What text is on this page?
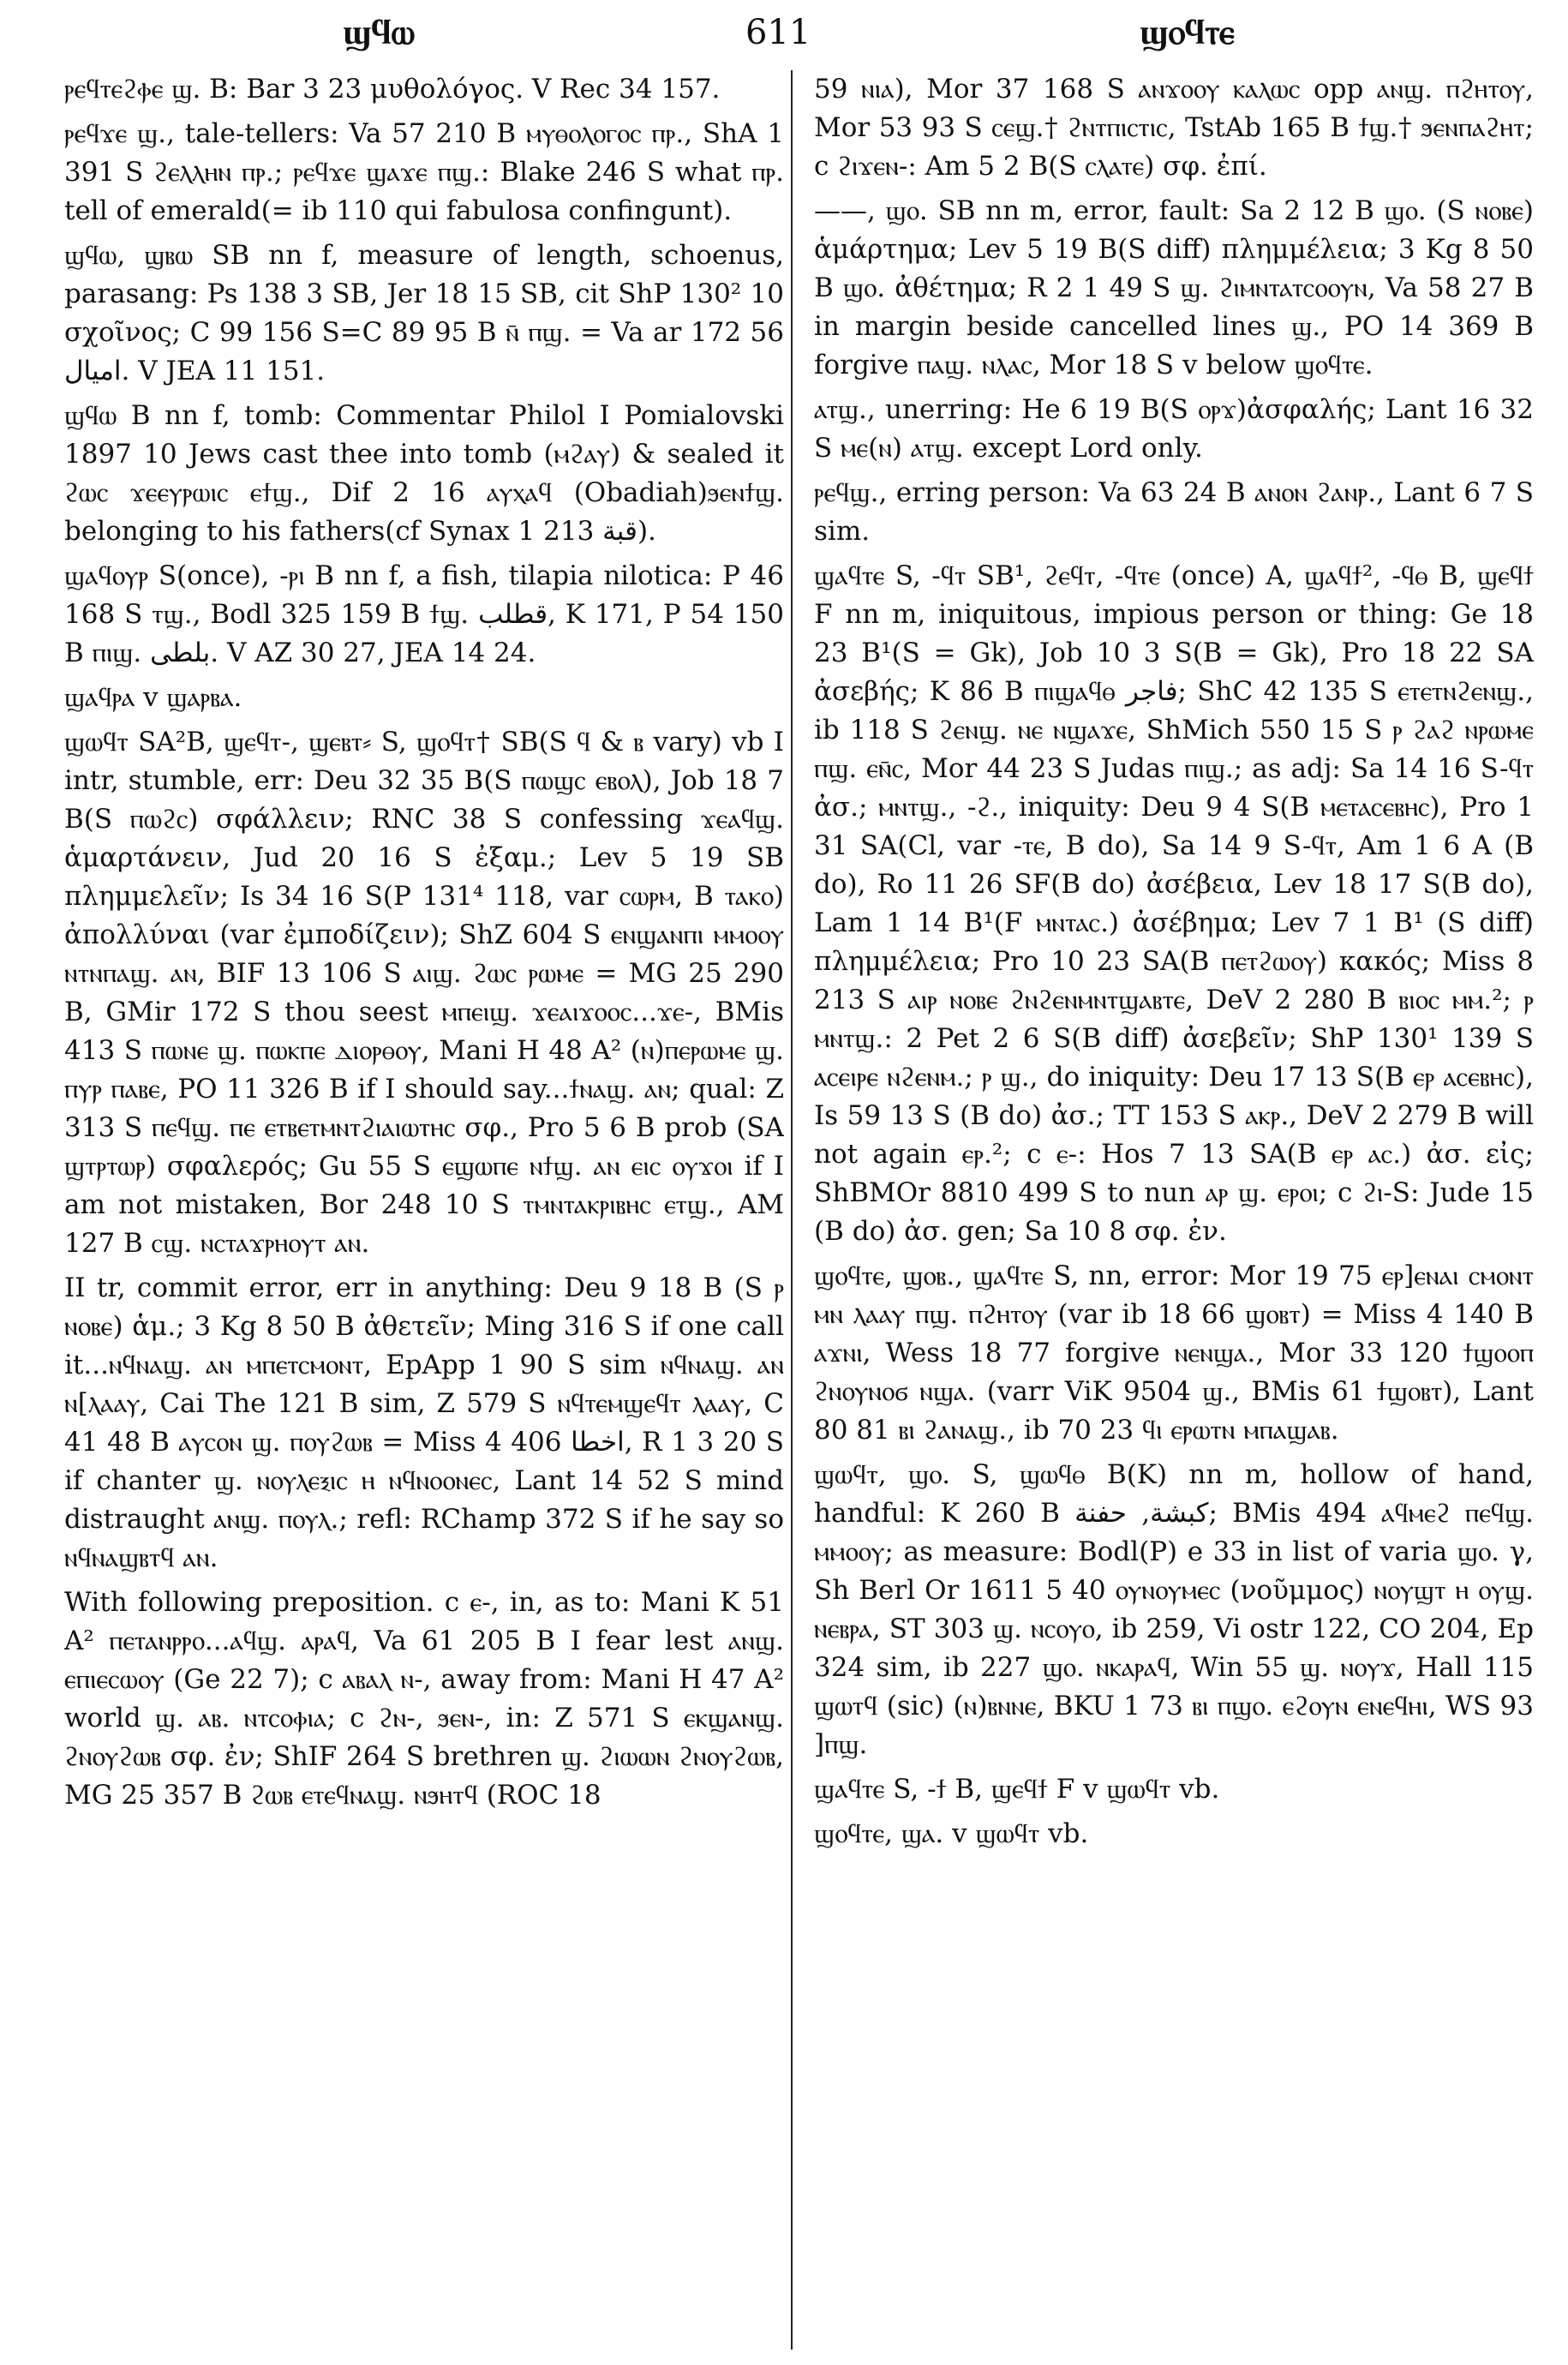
ϣϥⲱ	611	ϣⲟϥⲧⲉ

ⲣⲉϥⲧⲉϩⲫⲉ ϣ. B: Bar 3 23 μυθολόγος. V Rec 34 157.

ⲣⲉϥϫⲉ ϣ., tale-tellers: Va 57 210 B ⲙⲩⲑⲟⲗⲟⲅⲟⲥ ⲡⲣ., ShA 1 391 S ϩⲉⲗⲗⲏⲛ ⲡⲣ.; ⲣⲉϥϫⲉ ϣⲁϫⲉ ⲡϣ.: Blake 246 S what ⲡⲣ. tell of emerald(= ib 110 qui fabulosa confingunt).

ϣϥⲱ, ϣⲃⲱ SB nn f, measure of length, schoenus, parasang: Ps 138 3 SB, Jer 18 15 SB, cit ShP 130² 10 σχοῖνος; C 99 156 S=C 89 95 B ⲛ̄ ⲡϣ. = Va ar 172 56 اميال. V JEA 11 151.

ϣϥⲱ B nn f, tomb: Commentar Philol I Pomialovski 1897 10 Jews cast thee into tomb (ⲙϩⲁⲩ) & sealed it ϩⲱⲥ ϫⲉⲉⲩⲣⲱⲓⲥ ⲉϯϣ., Dif 2 16 ⲁⲩⲭⲁϥ (Obadiah)ϧⲉⲛϯϣ. belonging to his fathers(cf Synax 1 213 قبة).

ϣⲁϥⲟⲩⲣ S(once), -ⲣⲓ B nn f, a fish, tilapia nilotica: P 46 168 S ⲧϣ., Bodl 325 159 B ϯϣ. قطلب, K 171, P 54 150 B ⲡⲓϣ. بلطى. V AZ 30 27, JEA 14 24.

ϣⲁϥⲣⲁ v ϣⲁⲣⲃⲁ.

ϣⲱϥⲧ SA²B, ϣⲉϥⲧ-, ϣⲉⲃⲧ⸗ S, ϣⲟϥⲧ† SB(S ϥ & ⲃ vary) vb I intr, stumble, err: Deu 32 35 B(S ⲡⲱϣⲥ ⲉⲃⲟⲗ), Job 18 7 B(S ⲡⲱϩⲥ) σφάλλειν; RNC 38 S confessing ϫⲉⲁϥϣ. ἁμαρτάνειν, Jud 20 16 S ἐξαμ.; Lev 5 19 SB πλημμελεῖν; Is 34 16 S(P 131⁴ 118, var ⲥⲱⲣⲙ, B ⲧⲁⲕⲟ) ἀπολλύναι (var ἐμποδίζειν); ShZ 604 S ⲉⲛϣⲁⲛⲡⲓ ⲙⲙⲟⲟⲩ ⲛⲧⲛⲡⲁϣ. ⲁⲛ, BIF 13 106 S ⲁⲓϣ. ϩⲱⲥ ⲣⲱⲙⲉ = MG 25 290 B, GMir 172 S thou seest ⲙⲡⲉⲓϣ. ϫⲉⲁⲓϫⲟⲟⲥ...ϫⲉ-, BMis 413 S ⲡⲱⲛⲉ ϣ. ⲡⲱⲕⲡⲉ ⲇⲓⲟⲣⲑⲟⲩ, Mani H 48 A² (ⲛ)ⲡⲉⲣⲱⲙⲉ ϣ. ⲡⲩⲣ ⲡⲁⲃⲉ, PO 11 326 B if I should say...ϯⲛⲁϣ. ⲁⲛ; qual: Z 313 S ⲡⲉϥϣ. ⲡⲉ ⲉⲧⲃⲉⲧⲙⲛⲧϩⲓⲁⲓⲱⲧⲏⲥ σφ., Pro 5 6 B prob (SA ϣⲧⲣⲧⲱⲣ) σφαλερός; Gu 55 S ⲉϣⲱⲡⲉ ⲛϯϣ. ⲁⲛ ⲉⲓⲥ ⲟⲩϫⲟⲓ if I am not mistaken, Bor 248 10 S ⲧⲙⲛⲧⲁⲕⲣⲓⲃⲏⲥ ⲉⲧϣ., AM 127 B ⲥϣ. ⲛⲥⲧⲁϫⲣⲏⲟⲩⲧ ⲁⲛ.

II tr, commit error, err in anything: Deu 9 18 B (S ⲣ ⲛⲟⲃⲉ) ἁμ.; 3 Kg 8 50 B ἀθετεῖν; Ming 316 S if one call it...ⲛϥⲛⲁϣ. ⲁⲛ ⲙⲡⲉⲧⲥⲙⲟⲛⲧ, EpApp 1 90 S sim ⲛϥⲛⲁϣ. ⲁⲛ ⲛ[ⲗⲁⲁⲩ, Cai The 121 B sim, Z 579 S ⲛϥⲧⲉⲙϣⲉϥⲧ ⲗⲁⲁⲩ, C 41 48 B ⲁⲩⲥⲟⲛ ϣ. ⲡⲟⲩϩⲱⲃ = Miss 4 406 اخطا, R 1 3 20 S if chanter ϣ. ⲛⲟⲩⲗⲉⲝⲓⲥ ⲏ ⲛϥⲛⲟⲟⲛⲉⲥ, Lant 14 52 S mind distraught ⲁⲛϣ. ⲡⲟⲩⲗ.; refl: RChamp 372 S if he say so ⲛϥⲛⲁϣⲃⲧϥ ⲁⲛ.

With following preposition. c ⲉ-, in, as to: Mani K 51 A² ⲡⲉⲧⲁⲛⲣⲣⲟ...ⲁϥϣ. ⲁⲣⲁϥ, Va 61 205 B I fear lest ⲁⲛϣ. ⲉⲡⲓⲉⲥⲱⲟⲩ (Ge 22 7); c ⲁⲃⲁⲗ ⲛ-, away from: Mani H 47 A² world ϣ. ⲁⲃ. ⲛⲧⲥⲟⲫⲓⲁ; c ϩⲛ-, ϧⲉⲛ-, in: Z 571 S ⲉⲕϣⲁⲛϣ. ϩⲛⲟⲩϩⲱⲃ σφ. ἐν; ShIF 264 S brethren ϣ. ϩⲓⲱⲱⲛ ϩⲛⲟⲩϩⲱⲃ, MG 25 357 B ϩⲱⲃ ⲉⲧⲉϥⲛⲁϣ. ⲛϧⲏⲧϥ (ROC 18

59 ⲛⲓⲁ), Mor 37 168 S ⲁⲛϫⲟⲟⲩ ⲕⲁⲗⲱⲥ opp ⲁⲛϣ. ⲡϩⲏⲧⲟⲩ, Mor 53 93 S ⲥⲉϣ.† ϩⲛⲧⲡⲓⲥⲧⲓⲥ, TstAb 165 B ϯϣ.† ϧⲉⲛⲡⲁϩⲏⲧ; c ϩⲓϫⲉⲛ-: Am 5 2 B(S ⲥⲗⲁⲧⲉ) σφ. ἐπί.

——, ϣⲟ. SB nn m, error, fault: Sa 2 12 B ϣⲟ. (S ⲛⲟⲃⲉ) ἁμάρτημα; Lev 5 19 B(S diff) πλημμέλεια; 3 Kg 8 50 B ϣⲟ. ἀθέτημα; R 2 1 49 S ϣ. ϩⲓⲙⲛⲧⲁⲧⲥⲟⲟⲩⲛ, Va 58 27 B in margin beside cancelled lines ϣ., PO 14 369 B forgive ⲡⲁϣ. ⲛⲗⲁⲥ, Mor 18 S v below ϣⲟϥⲧⲉ.

ⲁⲧϣ., unerring: He 6 19 B(S ⲟⲣϫ)ἀσφαλής; Lant 16 32 S ⲙⲉ(ⲛ) ⲁⲧϣ. except Lord only.

ⲣⲉϥϣ., erring person: Va 63 24 B ⲁⲛⲟⲛ ϩⲁⲛⲣ., Lant 6 7 S sim.

ϣⲁϥⲧⲉ S, -ϥⲧ SB¹, ϩⲉϥⲧ, -ϥⲧⲉ (once) A, ϣⲁϥϯ², -ϥⲑ B, ϣⲉϥϯ F nn m, iniquitous, impious person or thing: Ge 18 23 B¹(S = Gk), Job 10 3 S(B = Gk), Pro 18 22 SA ἀσεβής; K 86 B ⲡⲓϣⲁϥⲑ فاجر; ShC 42 135 S ⲉⲧⲉⲧⲛϩⲉⲛϣ., ib 118 S ϩⲉⲛϣ. ⲛⲉ ⲛϣⲁϫⲉ, ShMich 550 15 S ⲣ ϩⲁϩ ⲛⲣⲱⲙⲉ ⲡϣ. ⲉⲛ̄ⲥ, Mor 44 23 S Judas ⲡⲓϣ.; as adj: Sa 14 16 S-ϥⲧ ἀσ.; ⲙⲛⲧϣ., -ϩ., iniquity: Deu 9 4 S(B ⲙⲉⲧⲁⲥⲉⲃⲏⲥ), Pro 1 31 SA(Cl, var -ⲧⲉ, B do), Sa 14 9 S-ϥⲧ, Am 1 6 A (B do), Ro 11 26 SF(B do) ἀσέβεια, Lev 18 17 S(B do), Lam 1 14 B¹(F ⲙⲛⲧⲁⲥ.) ἀσέβημα; Lev 7 1 B¹ (S diff) πλημμέλεια; Pro 10 23 SA(B ⲡⲉⲧϩⲱⲟⲩ) κακός; Miss 8 213 S ⲁⲓⲣ ⲛⲟⲃⲉ ϩⲛϩⲉⲛⲙⲛⲧϣⲁⲃⲧⲉ, DeV 2 280 B ⲃⲓⲟⲥ ⲙⲙ.²; ⲣ ⲙⲛⲧϣ.: 2 Pet 2 6 S(B diff) ἀσεβεῖν; ShP 130¹ 139 S ⲁⲥⲉⲓⲣⲉ ⲛϩⲉⲛⲙ.; ⲣ ϣ., do iniquity: Deu 17 13 S(B ⲉⲣ ⲁⲥⲉⲃⲏⲥ), Is 59 13 S (B do) ἀσ.; TT 153 S ⲁⲕⲣ., DeV 2 279 B will not again ⲉⲣ.²; c ⲉ-: Hos 7 13 SA(B ⲉⲣ ⲁⲥ.) ἀσ. εἰς; ShBMOr 8810 499 S to nun ⲁⲣ ϣ. ⲉⲣⲟⲓ; c ϩⲓ-S: Jude 15 (B do) ἀσ. gen; Sa 10 8 σφ. ἐν.

ϣⲟϥⲧⲉ, ϣⲟⲃ., ϣⲁϥⲧⲉ S, nn, error: Mor 19 75 ⲉⲣ]ⲉⲛⲁⲓ ⲥⲙⲟⲛⲧ ⲙⲛ ⲗⲁⲁⲩ ⲡϣ. ⲡϩⲏⲧⲟⲩ (var ib 18 66 ϣⲟⲃⲧ) = Miss 4 140 B ⲁϫⲛⲓ, Wess 18 77 forgive ⲛⲉⲛϣⲁ., Mor 33 120 ϯϣⲟⲟⲡ ϩⲛⲟⲩⲛⲟϭ ⲛϣⲁ. (varr ViK 9504 ϣ., BMis 61 ϯϣⲟⲃⲧ), Lant 80 81 ⲃⲓ ϩⲁⲛⲁϣ., ib 70 23 ϥⲓ ⲉⲣⲱⲧⲛ ⲙⲡⲁϣⲁⲃ.

ϣⲱϥⲧ, ϣⲟ. S, ϣⲱϥⲑ B(K) nn m, hollow of hand, handful: K 260 B كبشة, حفنة; BMis 494 ⲁϥⲙⲉϩ ⲡⲉϥϣ. ⲙⲙⲟⲟⲩ; as measure: Bodl(P) e 33 in list of varia ϣⲟ. γ, Sh Berl Or 1611 5 40 ⲟⲩⲛⲟⲩⲙⲉⲥ (νοῦμμος) ⲛⲟⲩϣⲧ ⲏ ⲟⲩϣ. ⲛⲉⲃⲣⲁ, ST 303 ϣ. ⲛⲥⲟⲩⲟ, ib 259, Vi ostr 122, CO 204, Ep 324 sim, ib 227 ϣⲟ. ⲛⲕⲁⲣⲁϥ, Win 55 ϣ. ⲛⲟⲩϫ, Hall 115 ϣⲱⲧϥ (sic) (ⲛ)ⲃⲛⲛⲉ, BKU 1 73 ⲃⲓ ⲡϣⲟ. ⲉϩⲟⲩⲛ ⲉⲛⲉϥⲏⲓ, WS 93 ]ⲡϣ.

ϣⲁϥⲧⲉ S, -ϯ B, ϣⲉϥϯ F v ϣⲱϥⲧ vb.

ϣⲟϥⲧⲉ, ϣⲁ. v ϣⲱϥⲧ vb.
